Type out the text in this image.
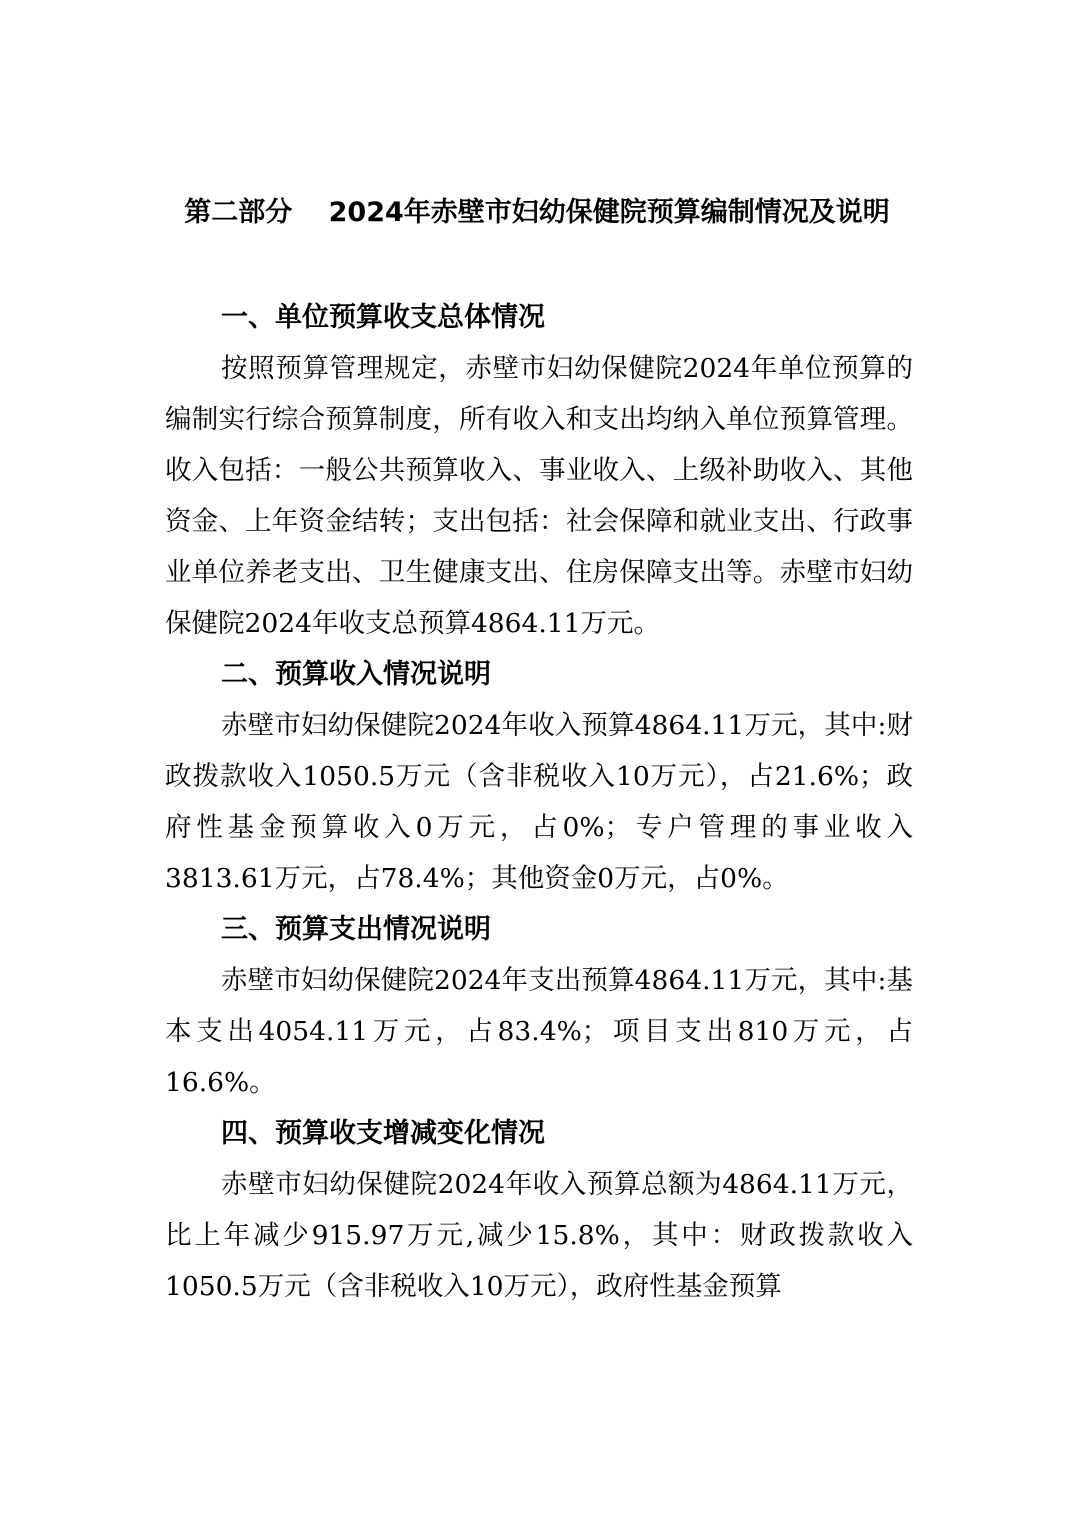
第二部分　 2024年赤壁市妇幼保健院预算编制情况及说明

一、单位预算收支总体情况

按照预算管理规定，赤壁市妇幼保健院2024年单位预算的编制实行综合预算制度，所有收入和支出均纳入单位预算管理。收入包括：一般公共预算收入、事业收入、上级补助收入、其他资金、上年资金结转；支出包括：社会保障和就业支出、行政事业单位养老支出、卫生健康支出、住房保障支出等。赤壁市妇幼保健院2024年收支总预算4864.11万元。

二、预算收入情况说明

赤壁市妇幼保健院2024年收入预算4864.11万元，其中:财政拨款收入1050.5万元（含非税收入10万元），占21.6%；政府性基金预算收入0万元，占0%；专户管理的事业收入3813.61万元，占78.4%；其他资金0万元，占0%。

三、预算支出情况说明

赤壁市妇幼保健院2024年支出预算4864.11万元，其中:基本支出4054.11万元，占83.4%；项目支出810万元，占16.6%。

四、预算收支增减变化情况

赤壁市妇幼保健院2024年收入预算总额为4864.11万元，比上年减少915.97万元,减少15.8%，其中：财政拨款收入1050.5万元（含非税收入10万元），政府性基金预算
